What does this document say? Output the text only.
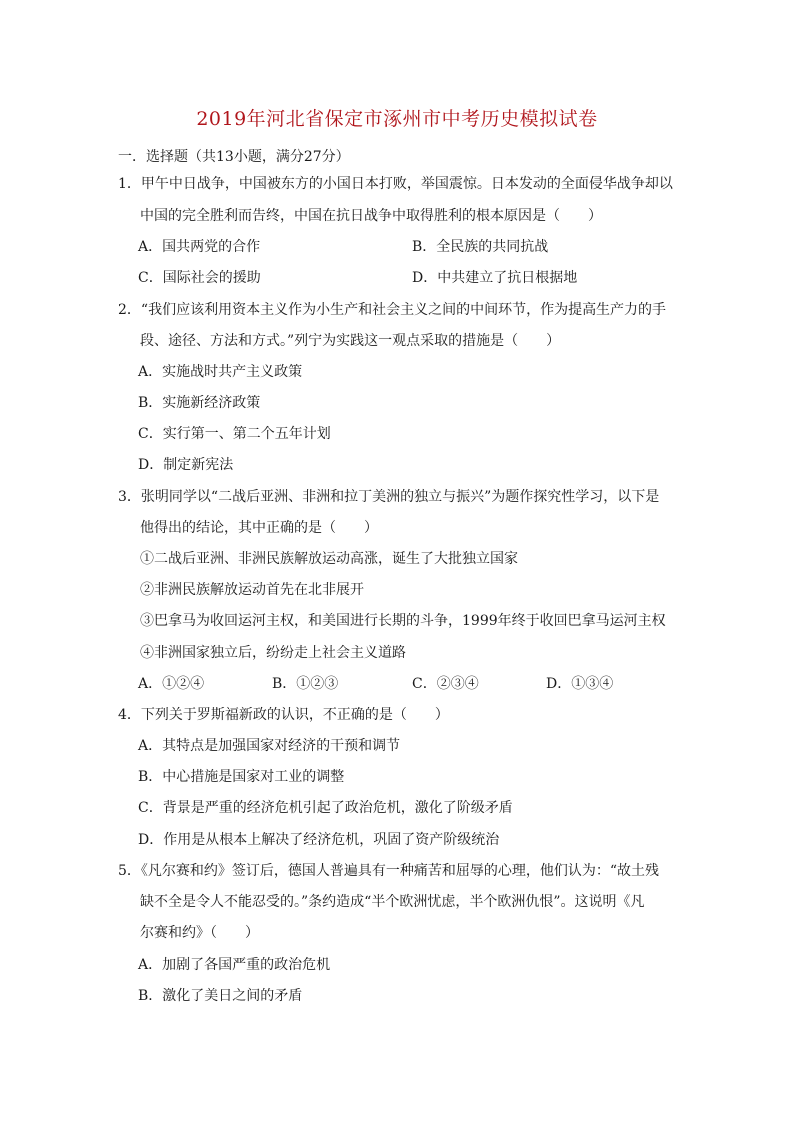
2019年河北省保定市涿州市中考历史模拟试卷
一．选择题（共13小题，满分27分）
1．甲午中日战争，中国被东方的小国日本打败，举国震惊。日本发动的全面侵华战争却以
中国的完全胜利而告终，中国在抗日战争中取得胜利的根本原因是（　　）
A．国共两党的合作	B．全民族的共同抗战
C．国际社会的援助	D．中共建立了抗日根据地
2．“我们应该利用资本主义作为小生产和社会主义之间的中间环节，作为提高生产力的手
段、途径、方法和方式。”列宁为实践这一观点采取的措施是（　　）
A．实施战时共产主义政策
B．实施新经济政策
C．实行第一、第二个五年计划
D．制定新宪法
3．张明同学以“二战后亚洲、非洲和拉丁美洲的独立与振兴”为题作探究性学习，以下是
他得出的结论，其中正确的是（　　）
①二战后亚洲、非洲民族解放运动高涨，诞生了大批独立国家
②非洲民族解放运动首先在北非展开
③巴拿马为收回运河主权，和美国进行长期的斗争，1999年终于收回巴拿马运河主权
④非洲国家独立后，纷纷走上社会主义道路
A．①②④	B．①②③	C．②③④	D．①③④
4．下列关于罗斯福新政的认识，不正确的是（　　）
A．其特点是加强国家对经济的干预和调节
B．中心措施是国家对工业的调整
C．背景是严重的经济危机引起了政治危机，激化了阶级矛盾
D．作用是从根本上解决了经济危机，巩固了资产阶级统治
5．《凡尔赛和约》签订后，德国人普遍具有一种痛苦和屈辱的心理，他们认为：“故土残
缺不全是令人不能忍受的。”条约造成“半个欧洲忧虑，半个欧洲仇恨”。这说明《凡
尔赛和约》（　　）
A．加剧了各国严重的政治危机
B．激化了美日之间的矛盾
